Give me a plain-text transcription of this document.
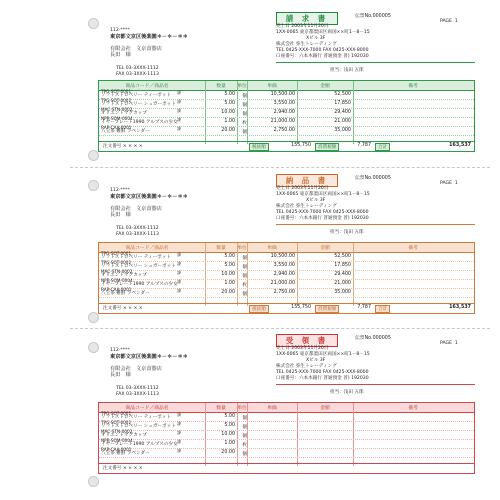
112-****
東京都文京区後楽園＊－＊－＊＊
有限会社　文京食器店
長田　様
TEL 03-3XXX-1112
FAX 03-3XXX-1113
請 求 書	伝票No.000005
PAGE 1
売上日 2003年11月20日
1XX-0065 東京都墨田区両国××町1－8－15
Xビル 3F
株式会社 弥生トレーディング
TEL 0425-XXX-7000 FAX 0425-XXX-8000
口座番号：六本木銀行 普通預金 普) 192030
担当：浅田 五郎
商品コード／商品名	数量	単位	単価	金額	備考
TPG-SOT-0001	課
ソフトストロベリー ティーポット	5.00	個	10,500.00	52,500
TPG-SOT-0002	課
ソフトストロベリー シュガーポット	5.00	個	3,550.00	17,850
MAC-STN-0002	課
オリエントマグカップ	10.00	個	2,940.00	29,400
NPR-SOM-0004	課
イヤープレート1990 アルプスの少女	1.00	枚	21,000.00	21,000
RAP-CAA-0001	課
八宝茶 難鮮 ラベンダー	20.00	個	2,750.00	35,000
注文番号 × × × ×	税抜額	155,750	消費税額	7,787	合計	163,537
112-****
東京都文京区後楽園＊－＊－＊＊
有限会社　文京食器店
長田　様
TEL 03-3XXX-1112
FAX 03-3XXX-1113
納 品 書	伝票No.000005
PAGE 1
売上日 2003年11月20日
1XX-0065 東京都墨田区両国××町1－8－15
Xビル 3F
株式会社 弥生トレーディング
TEL 0425-XXX-7000 FAX 0425-XXX-8000
口座番号：六本木銀行 普通預金 普) 192030
担当：浅田 五郎
商品コード／商品名	数量	単位	単価	金額	備考
TPG-SOT-0001	課
ソフトストロベリー ティーポット	5.00	個	10,500.00	52,500
TPG-SOT-0002	課
ソフトストロベリー シュガーポット	5.00	個	3,550.00	17,850
MAC-STN-0002	課
オリエントマグカップ	10.00	個	2,940.00	29,400
NPR-SOM-0004	課
イヤープレート1990 アルプスの少女	1.00	枚	21,000.00	21,000
RAP-CAA-0001	課
八宝茶 難鮮 ラベンダー	20.00	個	2,750.00	35,000
注文番号 × × × ×	税抜額	155,750	消費税額	7,787	合計	163,537
112-****
東京都文京区後楽園＊－＊－＊＊
有限会社　文京食器店
長田　様
TEL 03-3XXX-1112
FAX 03-3XXX-1113
受 領 書	伝票No.000005
PAGE 1
売上日 2003年11月20日
1XX-0065 東京都墨田区両国××町1－8－15
Xビル 3F
株式会社 弥生トレーディング
TEL 0425-XXX-7000 FAX 0425-XXX-8000
口座番号：六本木銀行 普通預金 普) 192030
担当：浅田 五郎
商品コード／商品名	数量	単位	単価	金額	備考
TPG-SOT-0001	課
ソフトストロベリー ティーポット	5.00	個
TPG-SOT-0002	課
ソフトストロベリー シュガーポット	5.00	個
MAC-STN-0002	課
オリエントマグカップ	10.00	個
NPR-SOM-0004	課
イヤープレート1990 アルプスの少女	1.00	枚
RAP-CAA-0001	課
八宝茶 難鮮 ラベンダー	20.00	個
注文番号 × × × ×
